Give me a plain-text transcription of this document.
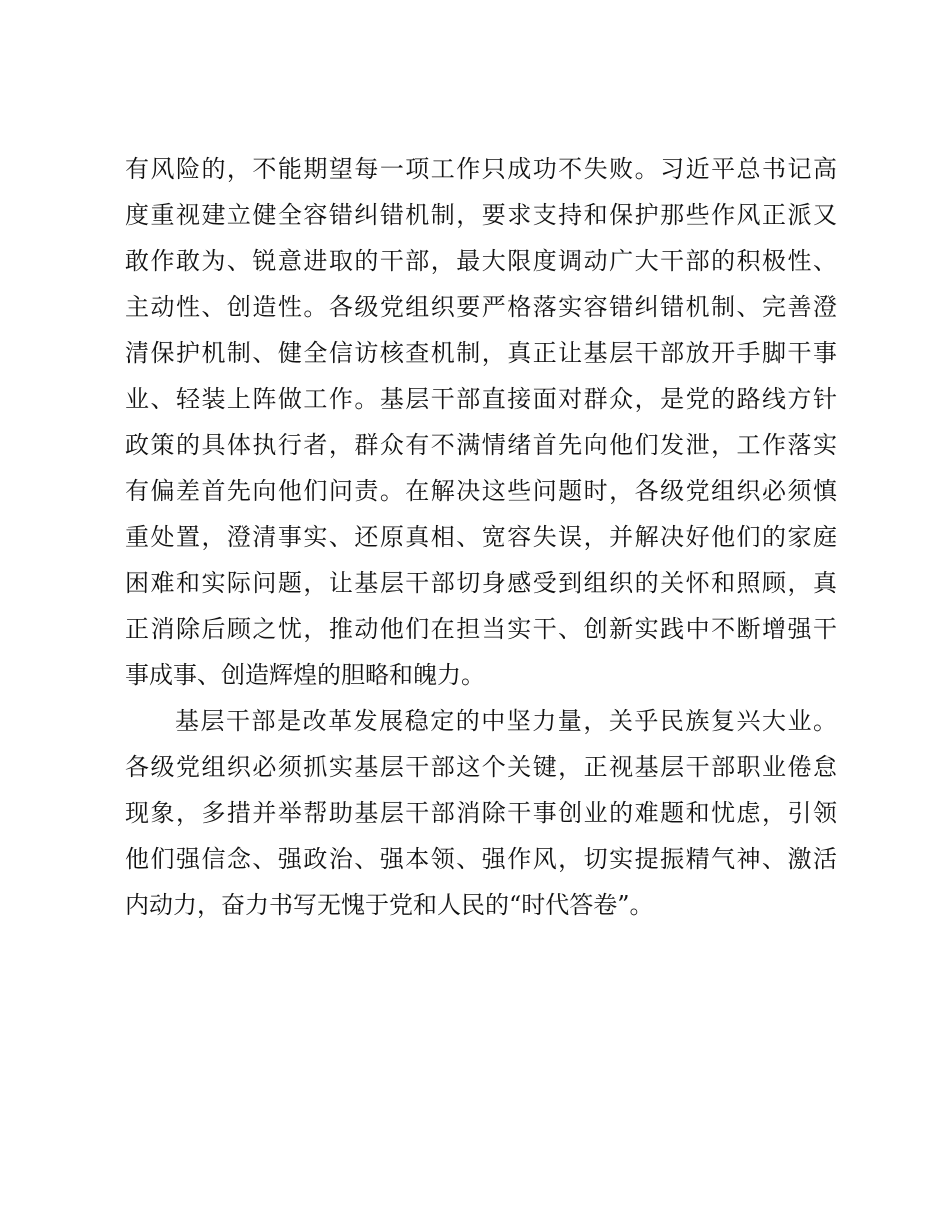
有风险的，不能期望每一项工作只成功不失败。习近平总书记高
度重视建立健全容错纠错机制，要求支持和保护那些作风正派又
敢作敢为、锐意进取的干部，最大限度调动广大干部的积极性、
主动性、创造性。各级党组织要严格落实容错纠错机制、完善澄
清保护机制、健全信访核查机制，真正让基层干部放开手脚干事
业、轻装上阵做工作。基层干部直接面对群众，是党的路线方针
政策的具体执行者，群众有不满情绪首先向他们发泄，工作落实
有偏差首先向他们问责。在解决这些问题时，各级党组织必须慎
重处置，澄清事实、还原真相、宽容失误，并解决好他们的家庭
困难和实际问题，让基层干部切身感受到组织的关怀和照顾，真
正消除后顾之忧，推动他们在担当实干、创新实践中不断增强干
事成事、创造辉煌的胆略和魄力。
基层干部是改革发展稳定的中坚力量，关乎民族复兴大业。
各级党组织必须抓实基层干部这个关键，正视基层干部职业倦怠
现象，多措并举帮助基层干部消除干事创业的难题和忧虑，引领
他们强信念、强政治、强本领、强作风，切实提振精气神、激活
内动力，奋力书写无愧于党和人民的“时代答卷”。
